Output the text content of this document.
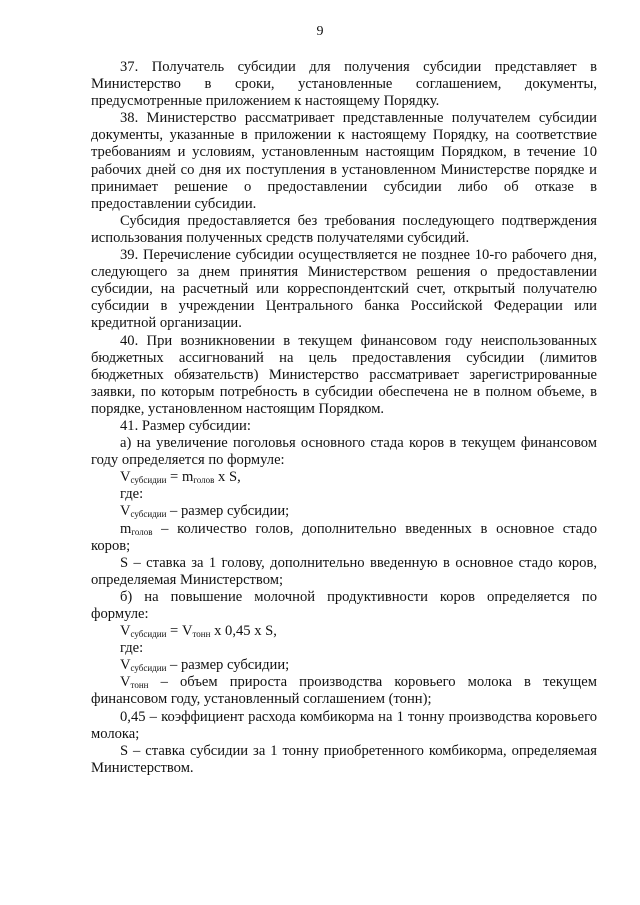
9

37. Получатель субсидии для получения субсидии представляет в Министерство в сроки, установленные соглашением, документы, предусмотренные приложением к настоящему Порядку.

38. Министерство рассматривает представленные получателем субсидии документы, указанные в приложении к настоящему Порядку, на соответствие требованиям и условиям, установленным настоящим Порядком, в течение 10 рабочих дней со дня их поступления в установленном Министерстве порядке и принимает решение о предоставлении субсидии либо об отказе в предоставлении субсидии.

Субсидия предоставляется без требования последующего подтверждения использования полученных средств получателями субсидий.

39. Перечисление субсидии осуществляется не позднее 10-го рабочего дня, следующего за днем принятия Министерством решения о предоставлении субсидии, на расчетный или корреспондентский счет, открытый получателю субсидии в учреждении Центрального банка Российской Федерации или кредитной организации.

40. При возникновении в текущем финансовом году неиспользованных бюджетных ассигнований на цель предоставления субсидии (лимитов бюджетных обязательств) Министерство рассматривает зарегистрированные заявки, по которым потребность в субсидии обеспечена не в полном объеме, в порядке, установленном настоящим Порядком.

41. Размер субсидии:

а) на увеличение поголовья основного стада коров в текущем финансовом году определяется по формуле:

$V_{субсидии} = m_{голов}$ x S,

где:

$V_{субсидии}$ – размер субсидии;

$m_{голов}$ – количество голов, дополнительно введенных в основное стадо коров;

S – ставка за 1 голову, дополнительно введенную в основное стадо коров, определяемая Министерством;

б) на повышение молочной продуктивности коров определяется по формуле:

$V_{субсидии} = V_{тонн}$ x 0,45 x S,

где:

$V_{субсидии}$ – размер субсидии;

$V_{тонн}$ – объем прироста производства коровьего молока в текущем финансовом году, установленный соглашением (тонн);

0,45 – коэффициент расхода комбикорма на 1 тонну производства коровьего молока;

S – ставка субсидии за 1 тонну приобретенного комбикорма, определяемая Министерством.
